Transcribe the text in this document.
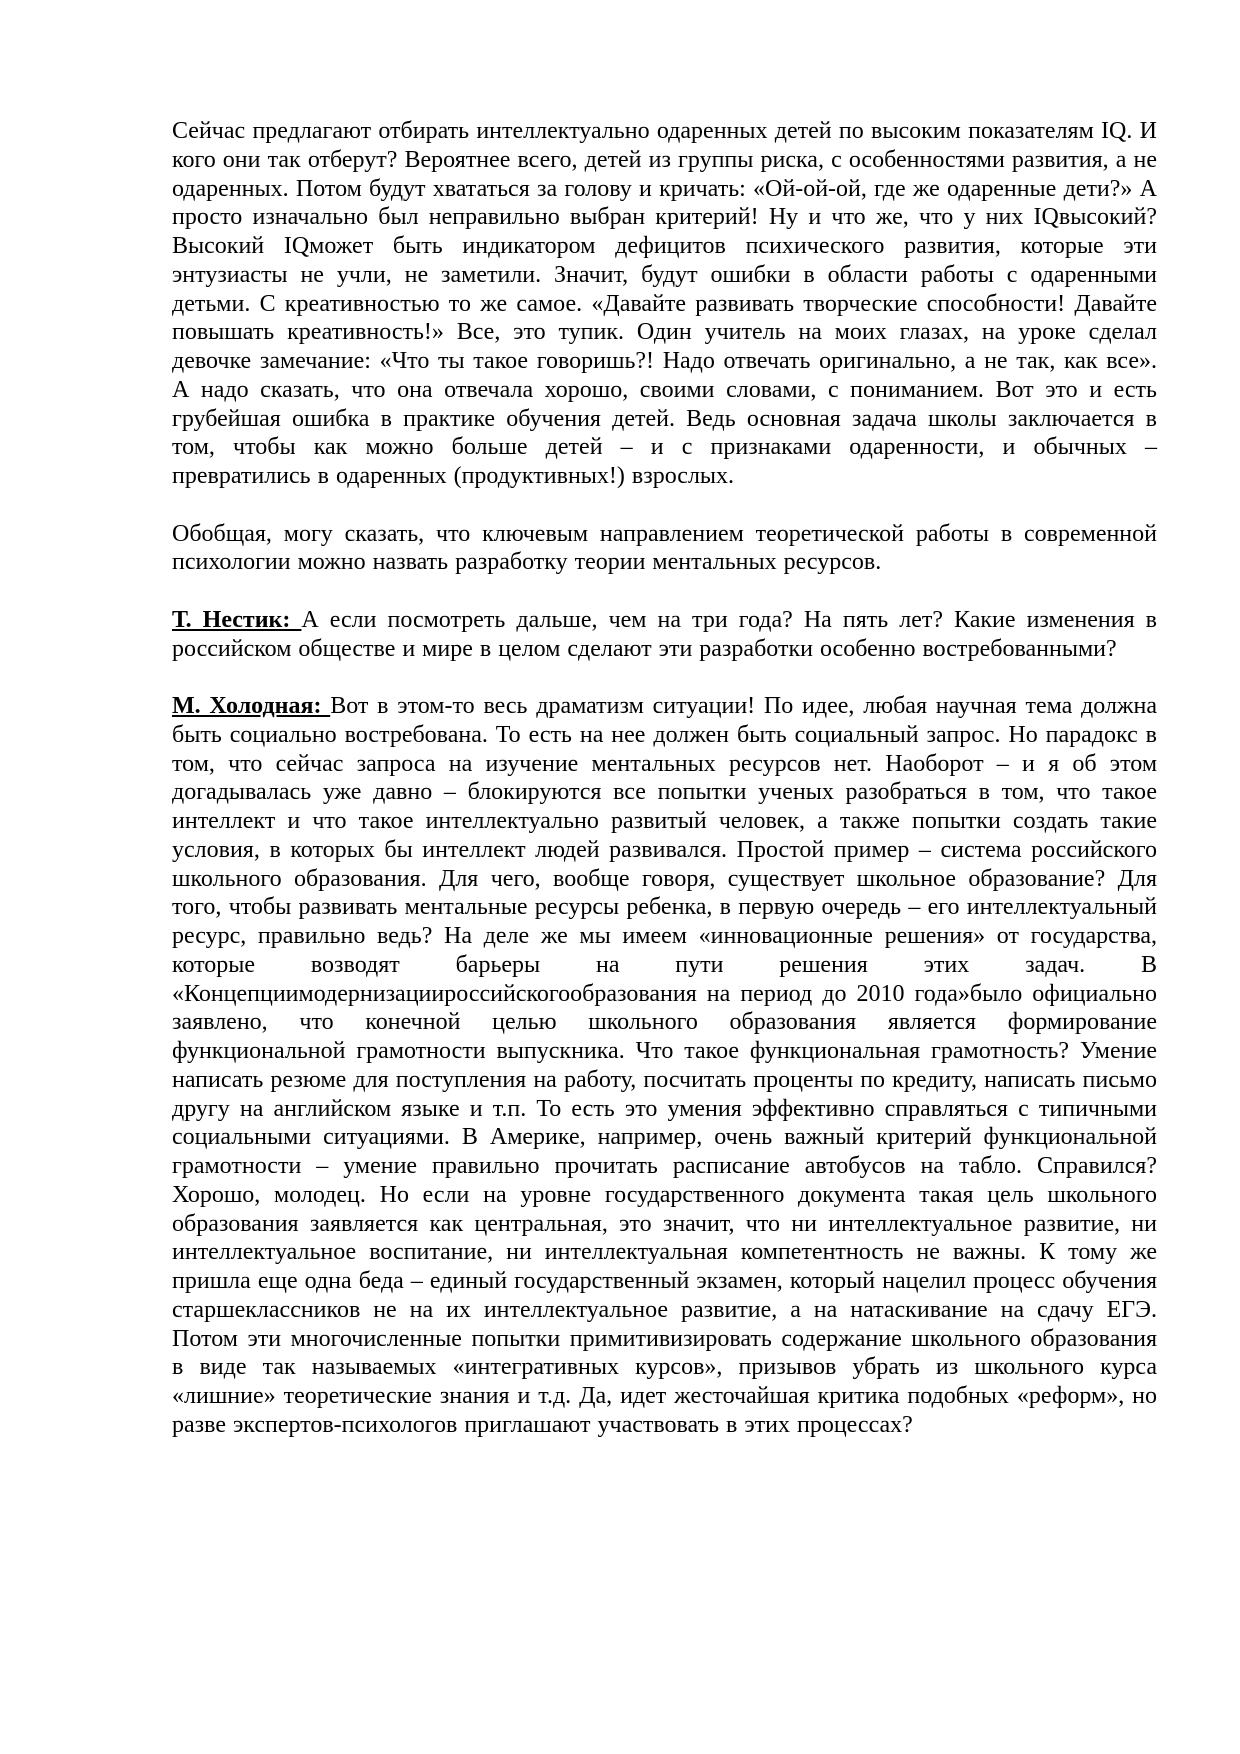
Сейчас предлагают отбирать интеллектуально одаренных детей по высоким показателям IQ. И кого они так отберут? Вероятнее всего, детей из группы риска, с особенностями развития, а не одаренных. Потом будут хвататься за голову и кричать: «Ой-ой-ой, где же одаренные дети?» А просто изначально был неправильно выбран критерий! Ну и что же, что у них IQвысокий? Высокий IQможет быть индикатором дефицитов психического развития, которые эти энтузиасты не учли, не заметили. Значит, будут ошибки в области работы с одаренными детьми. С креативностью то же самое. «Давайте развивать творческие способности! Давайте повышать креативность!» Все, это тупик. Один учитель на моих глазах, на уроке сделал девочке замечание: «Что ты такое говоришь?! Надо отвечать оригинально, а не так, как все». А надо сказать, что она отвечала хорошо, своими словами, с пониманием. Вот это и есть грубейшая ошибка в практике обучения детей. Ведь основная задача школы заключается в том, чтобы как можно больше детей – и с признаками одаренности, и обычных – превратились в одаренных (продуктивных!) взрослых.

Обобщая, могу сказать, что ключевым направлением теоретической работы в современной психологии можно назвать разработку теории ментальных ресурсов.

Т. Нестик: А если посмотреть дальше, чем на три года? На пять лет? Какие изменения в российском обществе и мире в целом сделают эти разработки особенно востребованными?

М. Холодная: Вот в этом-то весь драматизм ситуации! По идее, любая научная тема должна быть социально востребована. То есть на нее должен быть социальный запрос. Но парадокс в том, что сейчас запроса на изучение ментальных ресурсов нет. Наоборот – и я об этом догадывалась уже давно – блокируются все попытки ученых разобраться в том, что такое интеллект и что такое интеллектуально развитый человек, а также попытки создать такие условия, в которых бы интеллект людей развивался. Простой пример – система российского школьного образования. Для чего, вообще говоря, существует школьное образование? Для того, чтобы развивать ментальные ресурсы ребенка, в первую очередь – его интеллектуальный ресурс, правильно ведь? На деле же мы имеем «инновационные решения» от государства, которые возводят барьеры на пути решения этих задач. В «Концепциимодернизациироссийскогообразования на период до 2010 года»было официально заявлено, что конечной целью школьного образования является формирование функциональной грамотности выпускника. Что такое функциональная грамотность? Умение написать резюме для поступления на работу, посчитать проценты по кредиту, написать письмо другу на английском языке и т.п. То есть это умения эффективно справляться с типичными социальными ситуациями. В Америке, например, очень важный критерий функциональной грамотности – умение правильно прочитать расписание автобусов на табло. Справился? Хорошо, молодец. Но если на уровне государственного документа такая цель школьного образования заявляется как центральная, это значит, что ни интеллектуальное развитие, ни интеллектуальное воспитание, ни интеллектуальная компетентность не важны. К тому же пришла еще одна беда – единый государственный экзамен, который нацелил процесс обучения старшеклассников не на их интеллектуальное развитие, а на натаскивание на сдачу ЕГЭ. Потом эти многочисленные попытки примитивизировать содержание школьного образования в виде так называемых «интегративных курсов», призывов убрать из школьного курса «лишние» теоретические знания и т.д. Да, идет жесточайшая критика подобных «реформ», но разве экспертов-психологов приглашают участвовать в этих процессах?
